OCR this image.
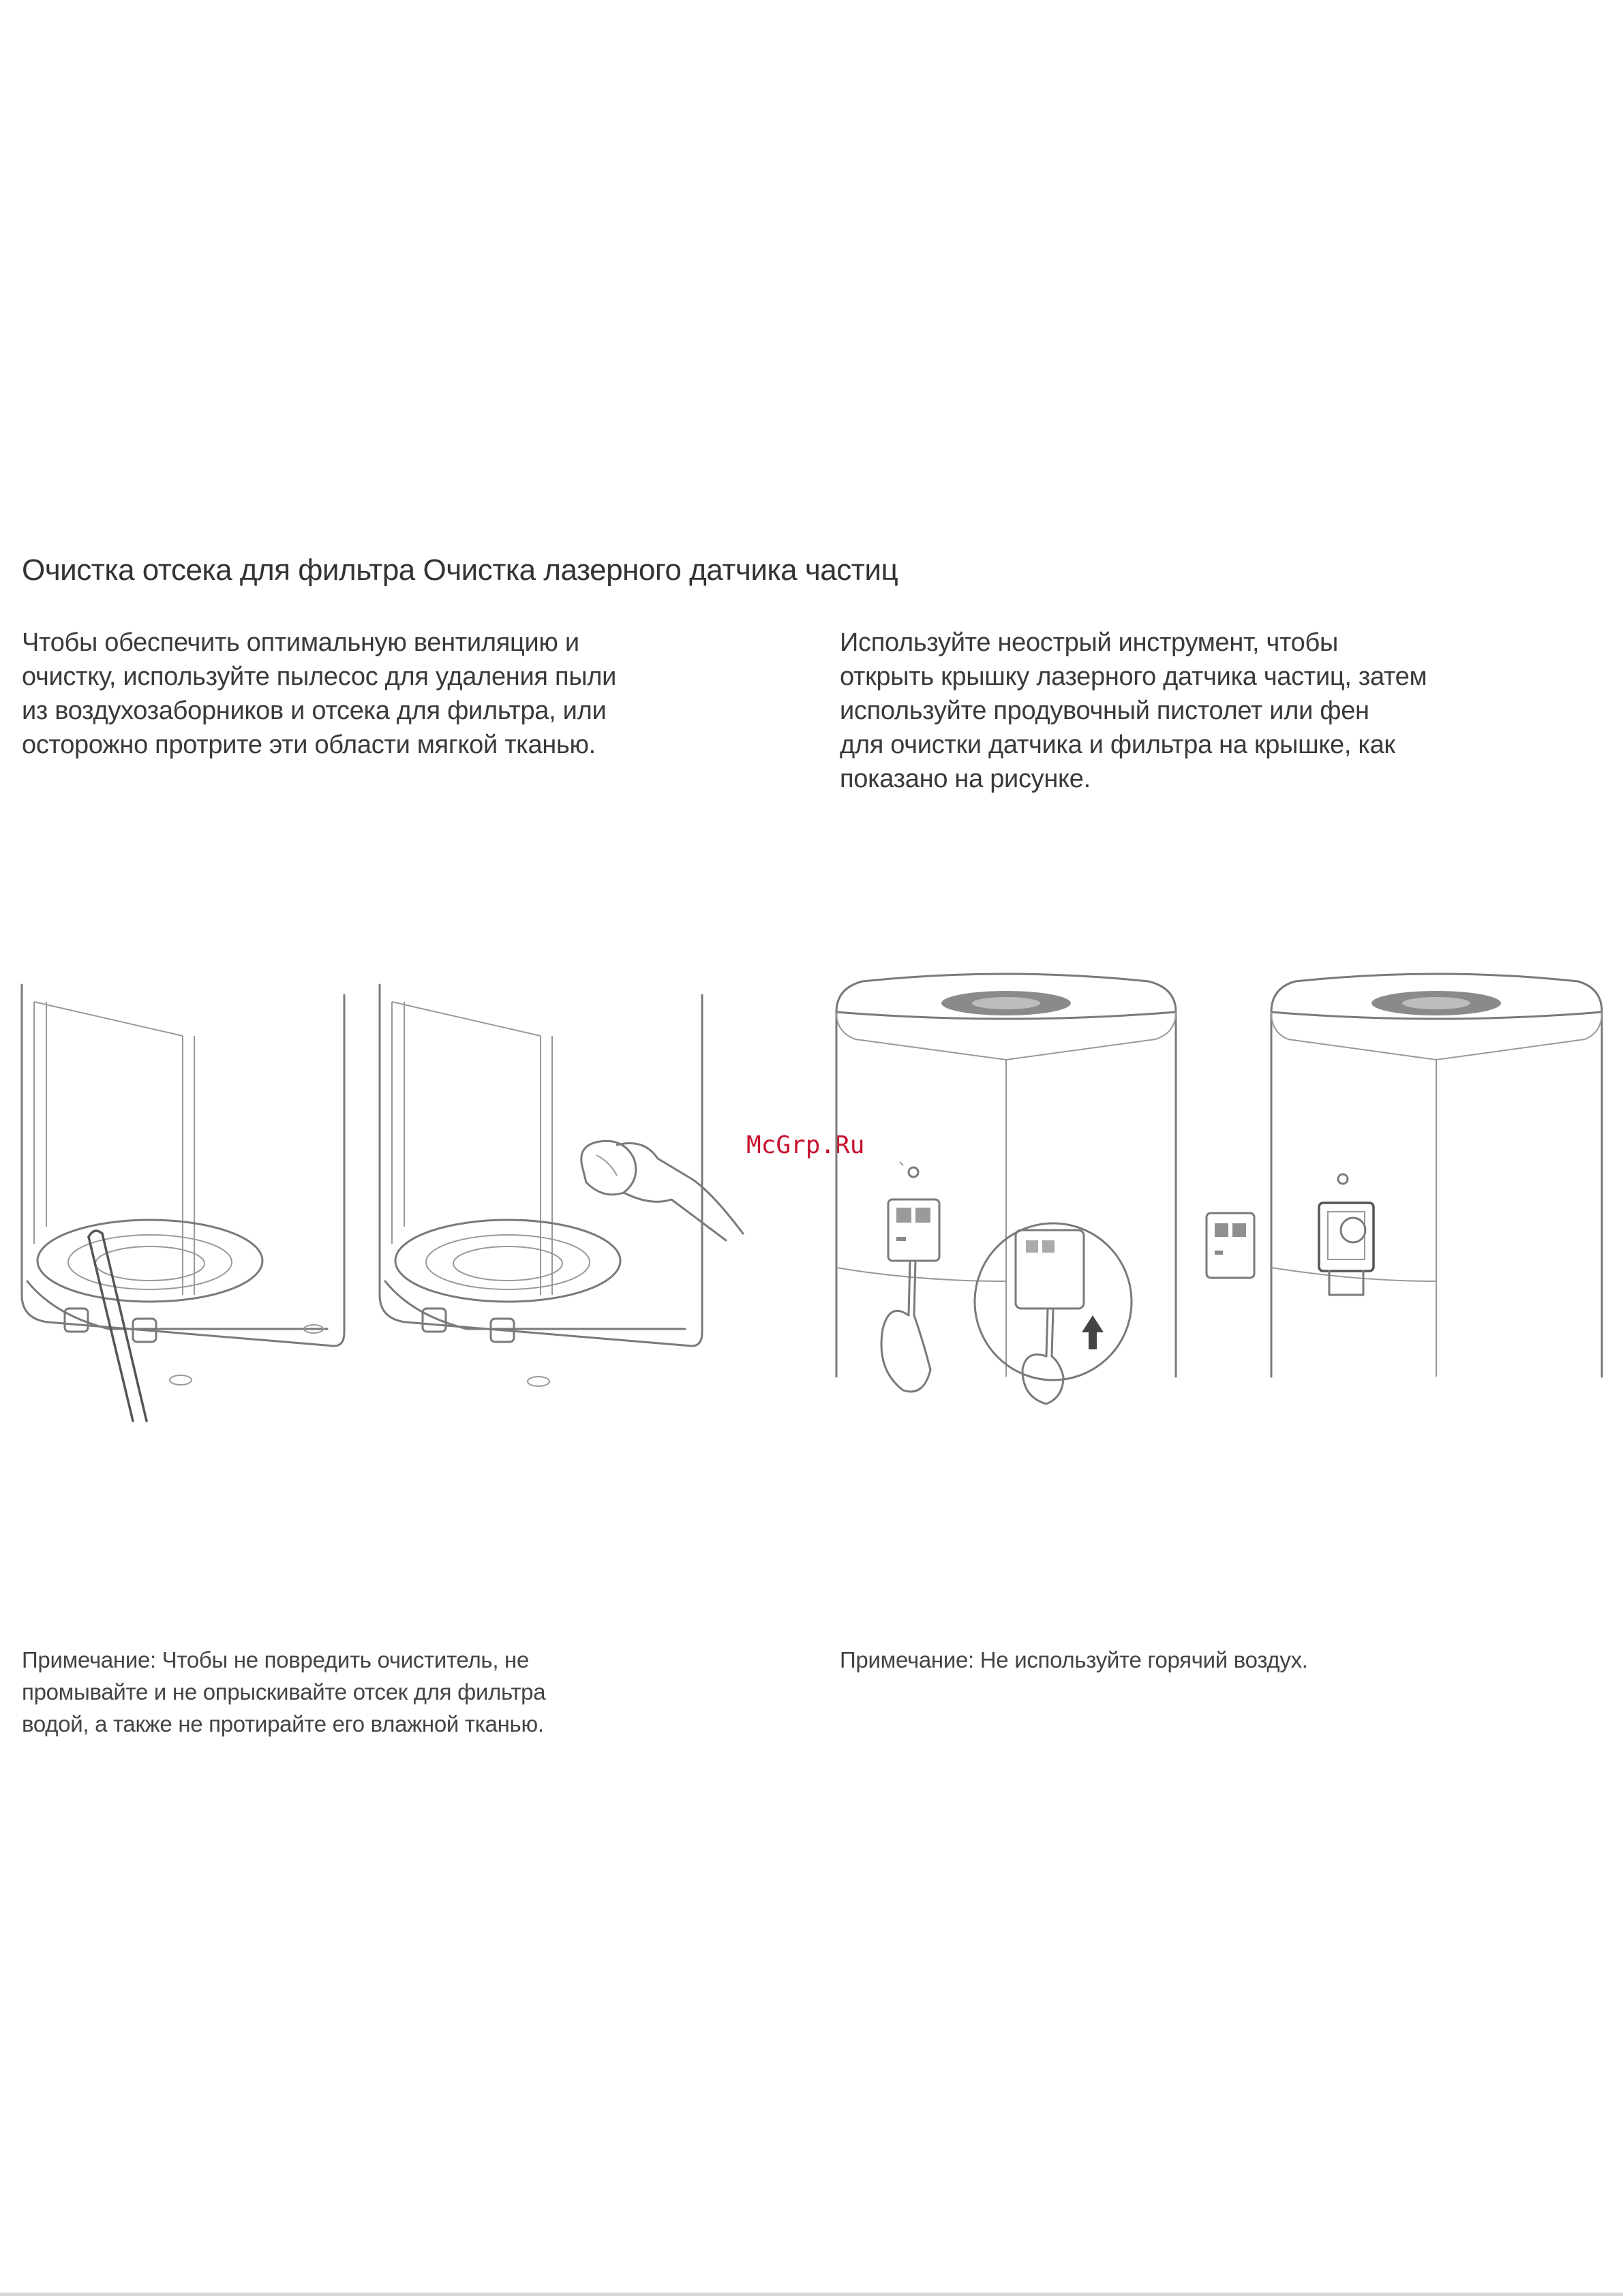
Очистка отсека для фильтра Очистка лазерного датчика частиц
Чтобы обеспечить оптимальную вентиляцию и
очистку, используйте пылесос для удаления пыли
из воздухозаборников и отсека для фильтра, или
осторожно протрите эти области мягкой тканью.
Используйте неострый инструмент, чтобы
открыть крышку лазерного датчика частиц, затем
используйте продувочный пистолет или фен
для очистки датчика и фильтра на крышке, как
показано на рисунке.
McGrp.Ru
Примечание: Чтобы не повредить очиститель, не
промывайте и не опрыскивайте отсек для фильтра
водой, а также не протирайте его влажной тканью.
Примечание: Не используйте горячий воздух.
